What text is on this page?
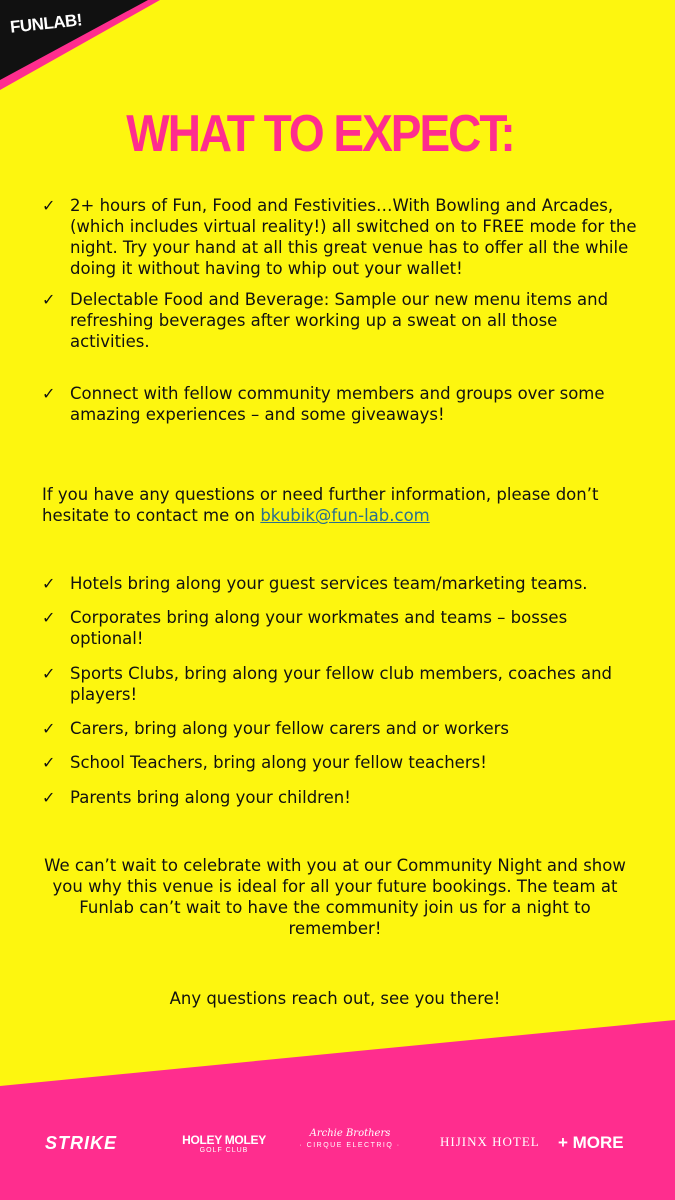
FUNLAB!
WHAT TO EXPECT:
✓ 2+ hours of Fun, Food and Festivities…With Bowling and Arcades, (which includes virtual reality!) all switched on to FREE mode for the night. Try your hand at all this great venue has to offer all the while doing it without having to whip out your wallet!
✓ Delectable Food and Beverage: Sample our new menu items and refreshing beverages after working up a sweat on all those activities.
✓ Connect with fellow community members and groups over some amazing experiences – and some giveaways!
If you have any questions or need further information, please don’t hesitate to contact me on bkubik@fun-lab.com
✓ Hotels bring along your guest services team/marketing teams.
✓ Corporates bring along your workmates and teams – bosses optional!
✓ Sports Clubs, bring along your fellow club members, coaches and players!
✓ Carers, bring along your fellow carers and or workers
✓ School Teachers, bring along your fellow teachers!
✓ Parents bring along your children!
We can’t wait to celebrate with you at our Community Night and show you why this venue is ideal for all your future bookings. The team at Funlab can’t wait to have the community join us for a night to remember!
Any questions reach out, see you there!
STRIKE	HOLEY MOLEY
GOLF CLUB
Archie Brothers
· CIRQUE ELECTRIQ ·	HIJINX HOTEL + MORE
